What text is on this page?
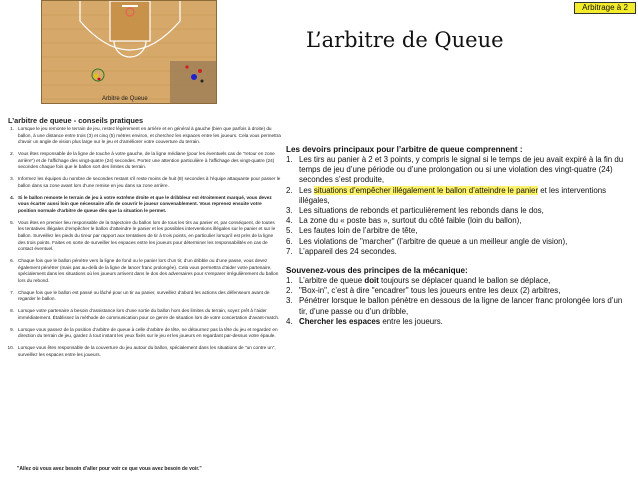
Arbitrage à 2
L’arbitre de Queue
Arbitre de Queue
L’arbitre de queue - conseils pratiques
1. Lorsque le jeu remonte le terrain de jeu, restez légèrement en arrière et en général à gauche (bien que parfois à droite) du ballon, à une distance entre trois (3) et cinq (5) mètres environ, et cherchez les espaces entre les joueurs. Cela vous permettra d’avoir un angle de vision plus large sur le jeu et d’améliorer votre couverture du terrain.
2. Vous êtes responsable de la ligne de touche à votre gauche, de la ligne médiane (pour les éventuels cas de "retour en zone arrière") et de l’affichage des vingt-quatre (24) secondes. Portez une attention particulière à l’affichage des vingt-quatre (24) secondes chaque fois que le ballon sort des limites du terrain.
3. Informez les équipes du nombre de secondes restant s’il reste moins de huit (8) secondes à l’équipe attaquante pour passer le ballon dans sa zone avant lors d’une remise en jeu dans sa zone arrière.
4. Si le ballon remonte le terrain de jeu à votre extrême droite et que le dribbleur est étroitement marqué, vous devez vous écarter aussi loin que nécessaire afin de couvrir le joueur convenablement. Vous reprenez ensuite votre position normale d’arbitre de queue dès que la situation le permet.
5. Vous êtes en premier lieu responsable de la trajectoire du ballon lors de tous les tirs au panier et, par conséquent, de toutes les tentatives illégales d’empêcher le ballon d’atteindre le panier et les possibles interventions illégales sur le panier et sur le ballon. Surveillez les pieds du tireur par rapport aux tentatives de tir à trois points, en particulier lorsqu’il est près de la ligne des trois points. Faites en sorte de surveiller les espaces entre les joueurs pour déterminer les responsabilités en cas de contact éventuel.
6. Chaque fois que le ballon pénètre vers la ligne de fond ou le panier lors d’un tir, d’un dribble ou d’une passe, vous devez également pénétrer (mais pas au-delà de la ligne de lancer franc prolongée). Cela vous permettra d’aider votre partenaire, spécialement dans les situations où les joueurs arrivent dans le dos des adversaires pour s’emparer irrégulièrement du ballon lors du rebond.
7. Chaque fois que le ballon est passé ou lâché pour un tir au panier, surveillez d’abord les actions des défenseurs avant de regarder le ballon.
8. Lorsque votre partenaire a besoin d’assistance lors d’une sortie du ballon hors des limites du terrain, soyez prêt à l’aider immédiatement. Établissez la méthode de communication pour ce genre de situation lors de votre concertation d’avant-match.
9. Lorsque vous passez de la position d’arbitre de queue à celle d’arbitre de tête, ne détournez pas la tête du jeu et regardez en direction du terrain de jeu, gardez à tout instant les yeux fixés sur le jeu et les joueurs en regardant par-dessus votre épaule.
10. Lorsque vous êtes responsable de la couverture du jeu autour du ballon, spécialement dans les situations de "un contre un", surveillez les espaces entre les joueurs.
"Allez où vous avez besoin d’aller pour voir ce que vous avez besoin de voir."
Les devoirs principaux pour l’arbitre de queue comprennent :
1. Les tirs au panier à 2 et 3 points, y compris le signal si le temps de jeu avait expiré à la fin du temps de jeu d’une période ou d’une prolongation ou si une violation des vingt-quatre (24) secondes s’est produite,
2. Les situations d’empêcher illégalement le ballon d’atteindre le panier et les interventions illégales,
3. Les situations de rebonds et particulièrement les rebonds dans le dos,
4. La zone du « poste bas », surtout du côté faible (loin du ballon),
5. Les fautes loin de l’arbitre de tête,
6. Les violations de "marcher" (l’arbitre de queue a un meilleur angle de vision),
7. L’appareil des 24 secondes.
Souvenez-vous des principes de la mécanique:
1. L’arbitre de queue doit toujours se déplacer quand le ballon se déplace,
2. "Box-in", c’est à dire "encadrer'' tous les joueurs entre les deux (2) arbitres,
3. Pénétrer lorsque le ballon pénètre en dessous de la ligne de lancer franc prolongée lors d’un tir, d’une passe ou d’un dribble,
4. Chercher les espaces entre les joueurs.
